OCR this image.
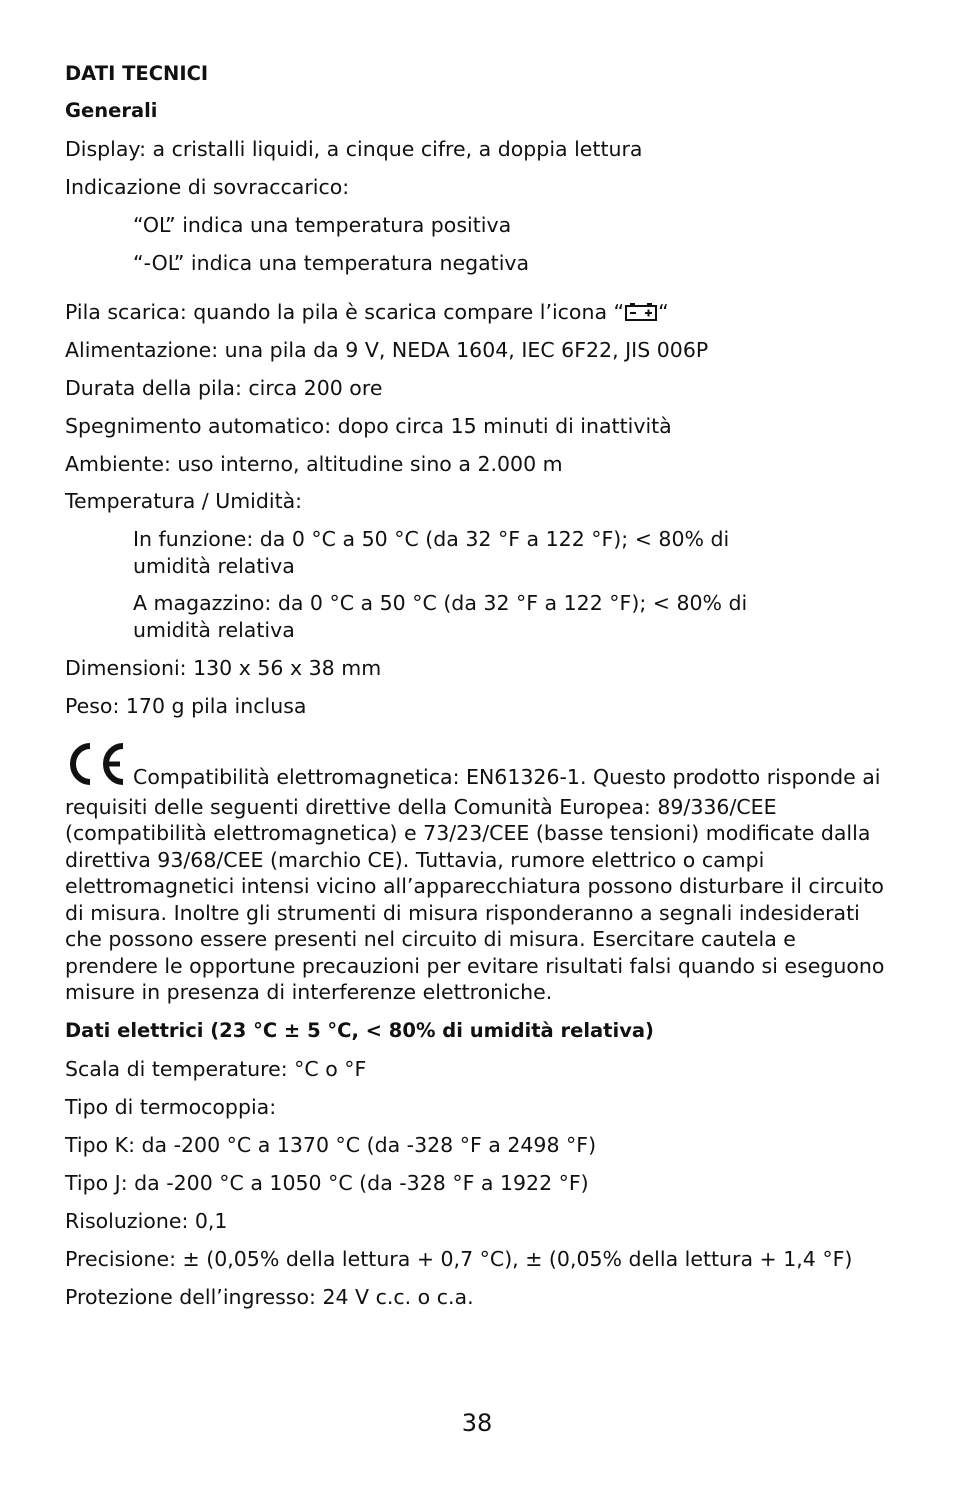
DATI TECNICI
Generali
Display: a cristalli liquidi, a cinque cifre, a doppia lettura
Indicazione di sovraccarico:
“OL” indica una temperatura positiva
“-OL” indica una temperatura negativa
Pila scarica: quando la pila è scarica compare l’icona “ “
Alimentazione: una pila da 9 V, NEDA 1604, IEC 6F22, JIS 006P
Durata della pila: circa 200 ore
Spegnimento automatico: dopo circa 15 minuti di inattività
Ambiente: uso interno, altitudine sino a 2.000 m
Temperatura / Umidità:
In funzione: da 0 °C a 50 °C (da 32 °F a 122 °F); < 80% di
umidità relativa
A magazzino: da 0 °C a 50 °C (da 32 °F a 122 °F); < 80% di
umidità relativa
Dimensioni: 130 x 56 x 38 mm
Peso: 170 g pila inclusa
Compatibilità elettromagnetica: EN61326-1. Questo prodotto risponde ai requisiti delle seguenti direttive della Comunità Europea: 89/336/CEE (compatibilità elettromagnetica) e 73/23/CEE (basse tensioni) modificate dalla direttiva 93/68/CEE (marchio CE). Tuttavia, rumore elettrico o campi elettromagnetici intensi vicino all’apparecchiatura possono disturbare il circuito di misura. Inoltre gli strumenti di misura risponderanno a segnali indesiderati che possono essere presenti nel circuito di misura. Esercitare cautela e prendere le opportune precauzioni per evitare risultati falsi quando si eseguono misure in presenza di interferenze elettroniche.
Dati elettrici (23 °C ± 5 °C, < 80% di umidità relativa)
Scala di temperature: °C o °F
Tipo di termocoppia:
Tipo K: da -200 °C a 1370 °C (da -328 °F a 2498 °F)
Tipo J: da -200 °C a 1050 °C (da -328 °F a 1922 °F)
Risoluzione: 0,1
Precisione: ± (0,05% della lettura + 0,7 °C), ± (0,05% della lettura + 1,4 °F)
Protezione dell’ingresso: 24 V c.c. o c.a.
38
